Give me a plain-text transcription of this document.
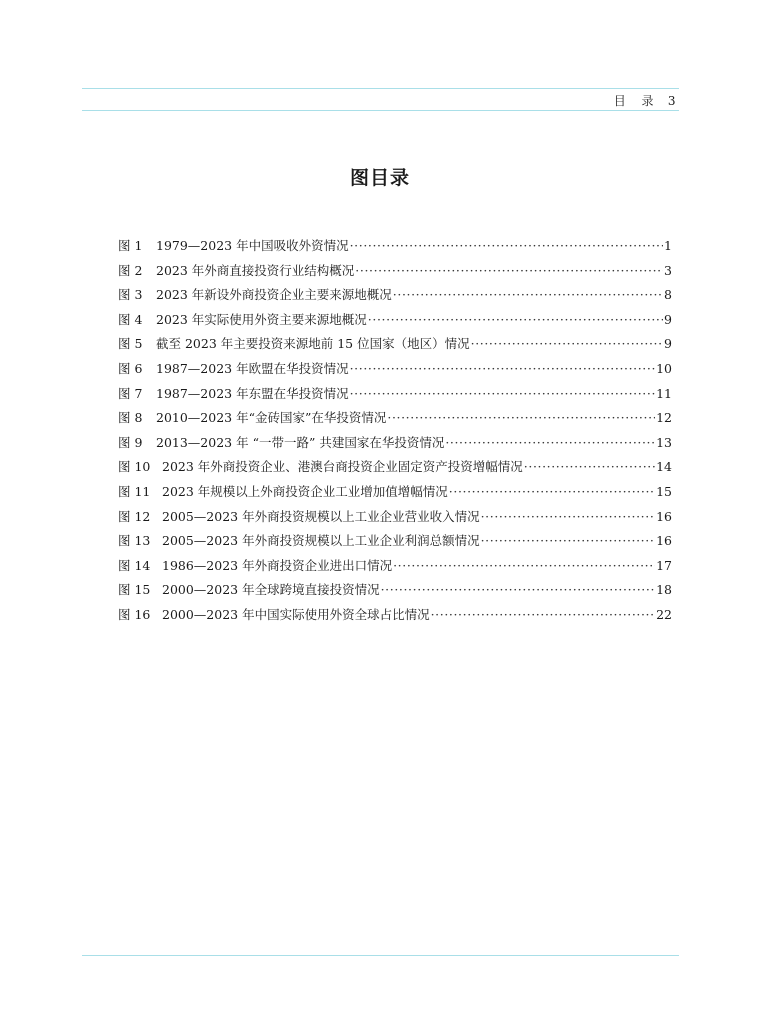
目 录 3
图目录
图 1	1979—2023 年中国吸收外资情况 ·····	1
图 2	2023 年外商直接投资行业结构概况 ·····	3
图 3	2023 年新设外商投资企业主要来源地概况 ·····	8
图 4	2023 年实际使用外资主要来源地概况 ·····	9
图 5	截至 2023 年主要投资来源地前 15 位国家（地区）情况 ·····	9
图 6	1987—2023 年欧盟在华投资情况 ·····	10
图 7	1987—2023 年东盟在华投资情况 ·····	11
图 8	2010—2023 年“金砖国家”在华投资情况 ·····	12
图 9	2013—2023 年 “一带一路” 共建国家在华投资情况 ·····	13
图 10 2023 年外商投资企业、港澳台商投资企业固定资产投资增幅情况 ·····	14
图 11 2023 年规模以上外商投资企业工业增加值增幅情况 ·····	15
图 12 2005—2023 年外商投资规模以上工业企业营业收入情况 ·····	16
图 13 2005—2023 年外商投资规模以上工业企业利润总额情况 ·····	16
图 14 1986—2023 年外商投资企业进出口情况 ·····	17
图 15 2000—2023 年全球跨境直接投资情况 ·····	18
图 16 2000—2023 年中国实际使用外资全球占比情况 ·····	22
